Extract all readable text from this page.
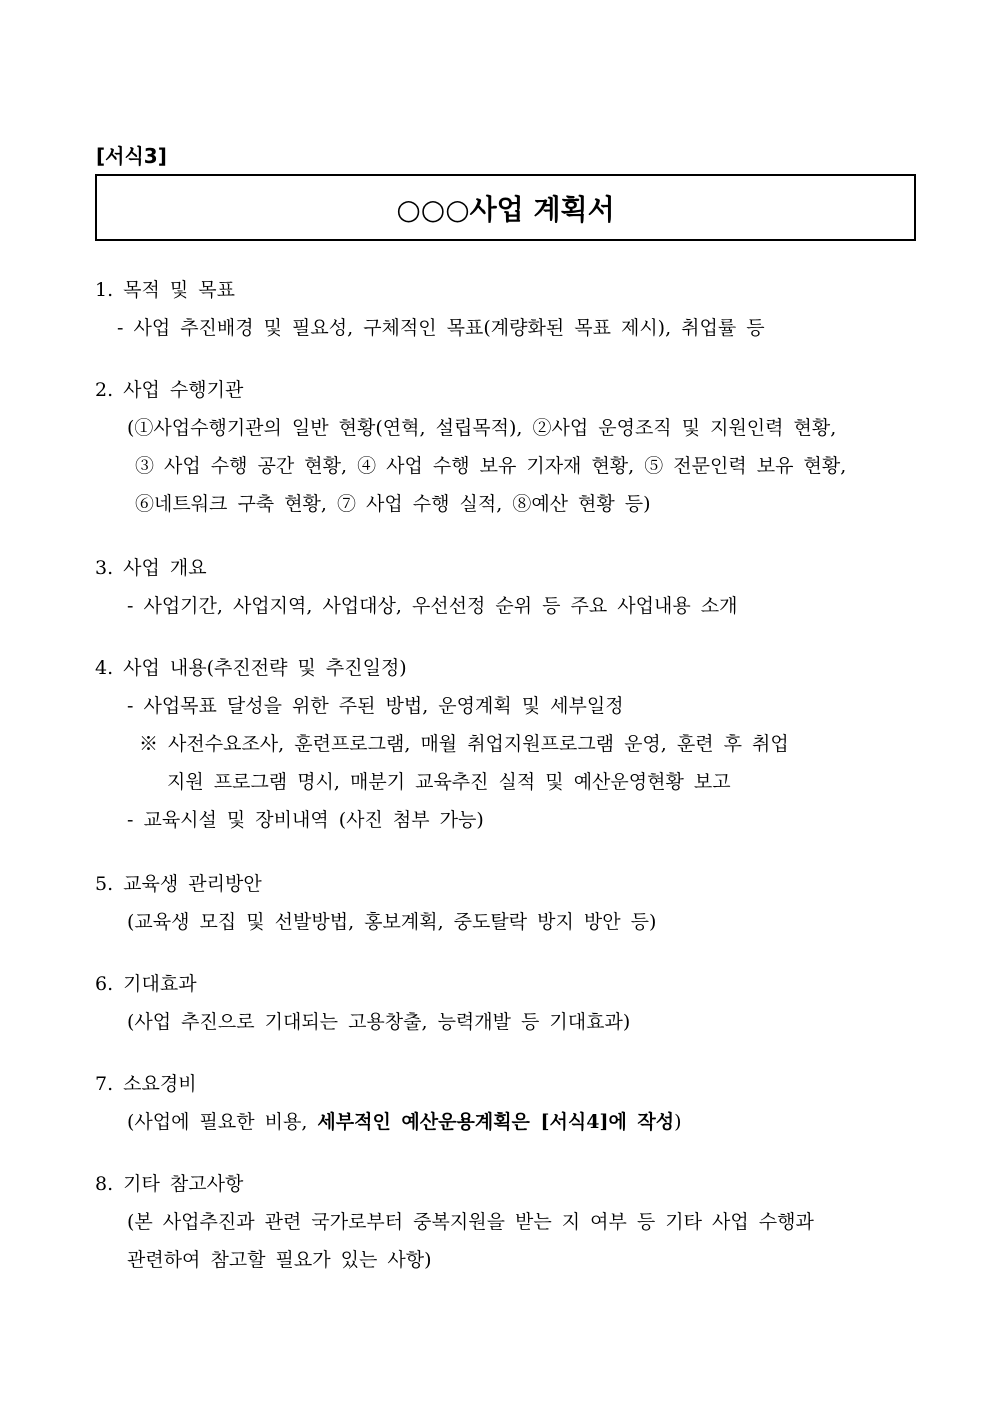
[서식3]
○○○사업 계획서
1. 목적 및 목표
- 사업 추진배경 및 필요성, 구체적인 목표(계량화된 목표 제시), 취업률 등
2. 사업 수행기관
(①사업수행기관의 일반 현황(연혁, 설립목적), ②사업 운영조직 및 지원인력 현황,
③ 사업 수행 공간 현황, ④ 사업 수행 보유 기자재 현황, ⑤ 전문인력 보유 현황,
⑥네트워크 구축 현황, ⑦ 사업 수행 실적, ⑧예산 현황 등)
3. 사업 개요
- 사업기간, 사업지역, 사업대상, 우선선정 순위 등 주요 사업내용 소개
4. 사업 내용(추진전략 및 추진일정)
- 사업목표 달성을 위한 주된 방법, 운영계획 및 세부일정
※ 사전수요조사, 훈련프로그램, 매월 취업지원프로그램 운영, 훈련 후 취업
지원 프로그램 명시, 매분기 교육추진 실적 및 예산운영현황 보고
- 교육시설 및 장비내역 (사진 첨부 가능)
5. 교육생 관리방안
(교육생 모집 및 선발방법, 홍보계획, 중도탈락 방지 방안 등)
6. 기대효과
(사업 추진으로 기대되는 고용창출, 능력개발 등 기대효과)
7. 소요경비
(사업에 필요한 비용, 세부적인 예산운용계획은 [서식4]에 작성)
8. 기타 참고사항
(본 사업추진과 관련 국가로부터 중복지원을 받는 지 여부 등 기타 사업 수행과
관련하여 참고할 필요가 있는 사항)
